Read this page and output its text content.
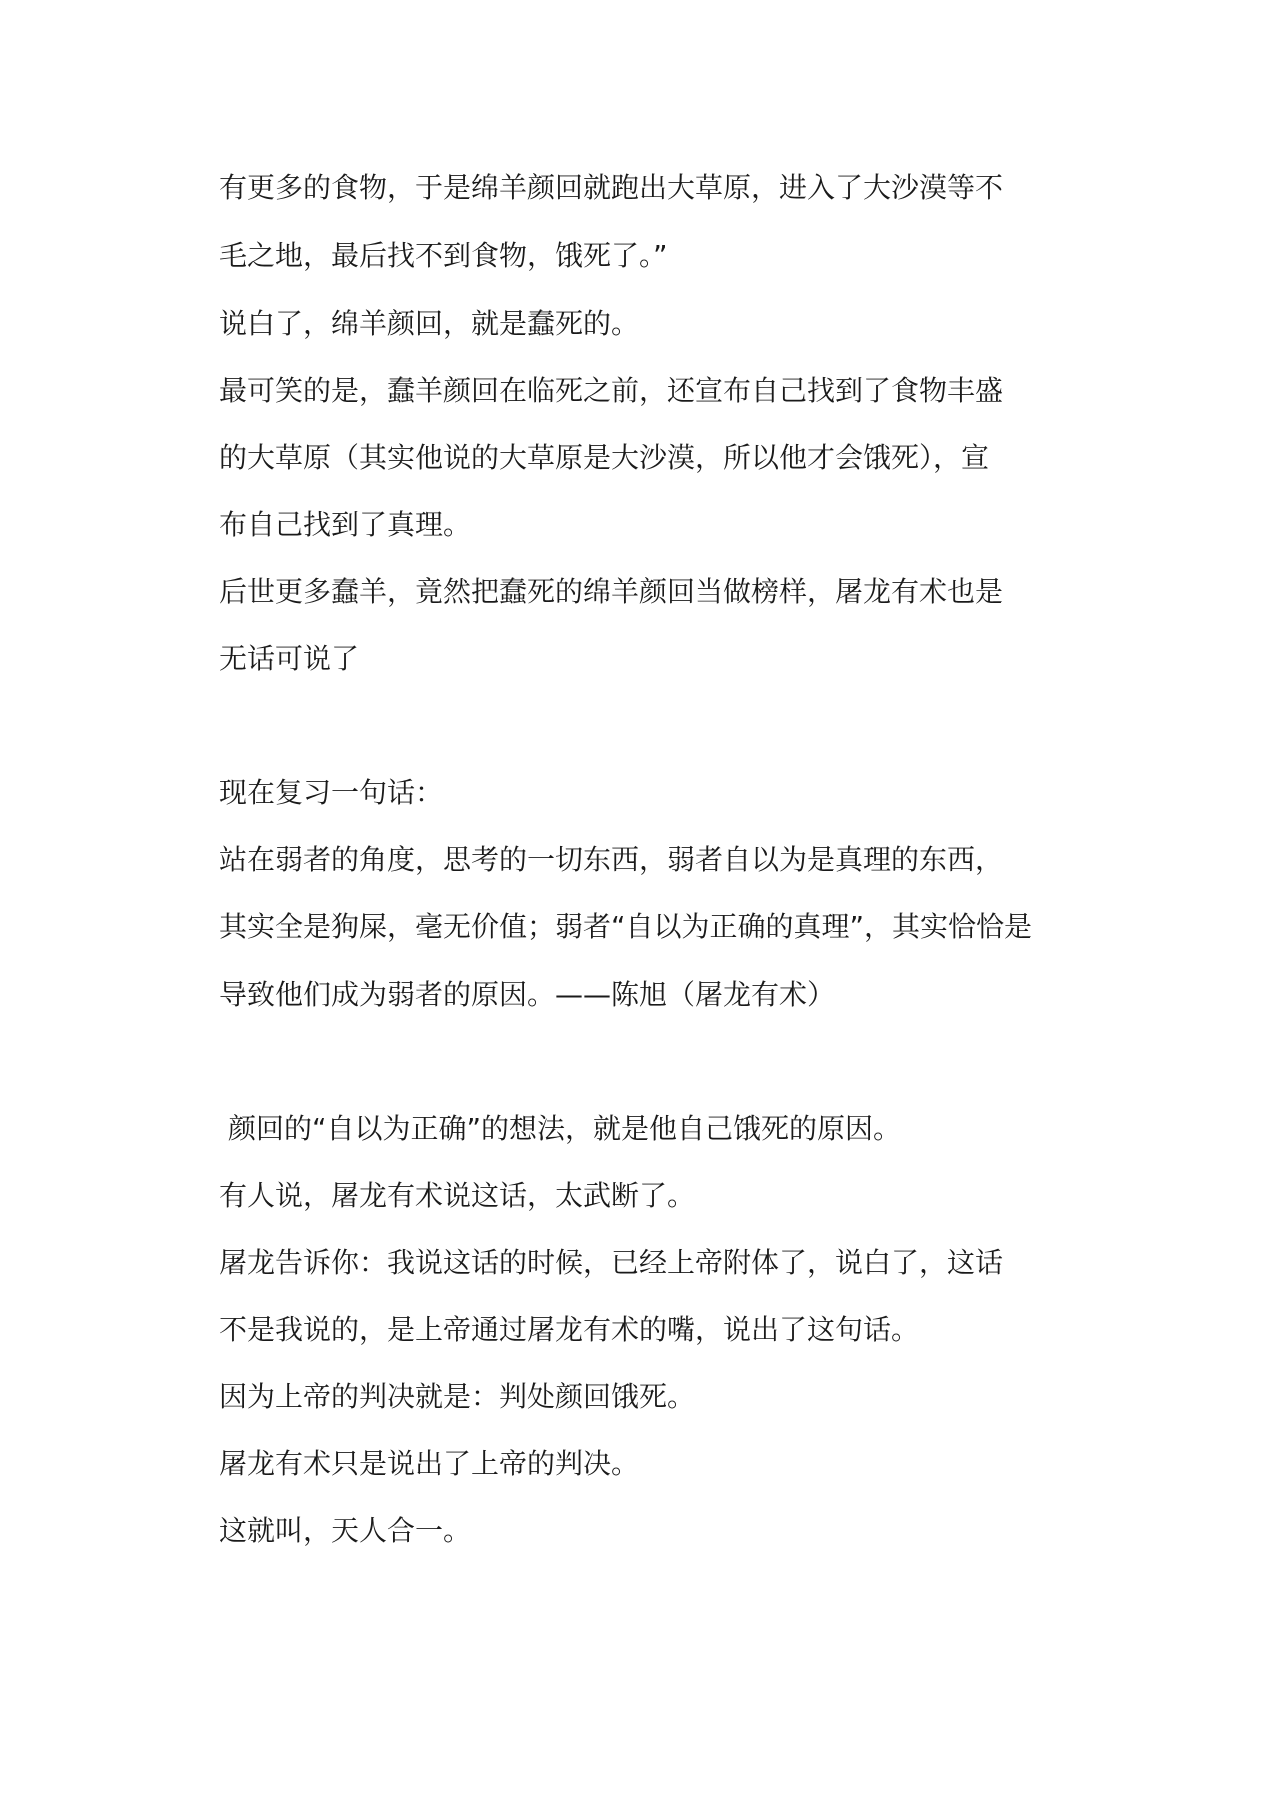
有更多的食物，于是绵羊颜回就跑出大草原，进入了大沙漠等不

毛之地，最后找不到食物，饿死了。”

说白了，绵羊颜回，就是蠢死的。

最可笑的是，蠢羊颜回在临死之前，还宣布自己找到了食物丰盛

的大草原（其实他说的大草原是大沙漠，所以他才会饿死），宣

布自己找到了真理。

后世更多蠢羊，竟然把蠢死的绵羊颜回当做榜样，屠龙有术也是

无话可说了

现在复习一句话：

站在弱者的角度，思考的一切东西，弱者自以为是真理的东西，

其实全是狗屎，毫无价值；弱者“自以为正确的真理”，其实恰恰是

导致他们成为弱者的原因。——陈旭（屠龙有术）

颜回的“自以为正确”的想法，就是他自己饿死的原因。

有人说，屠龙有术说这话，太武断了。

屠龙告诉你：我说这话的时候，已经上帝附体了，说白了，这话

不是我说的，是上帝通过屠龙有术的嘴，说出了这句话。

因为上帝的判决就是：判处颜回饿死。

屠龙有术只是说出了上帝的判决。

这就叫，天人合一。
